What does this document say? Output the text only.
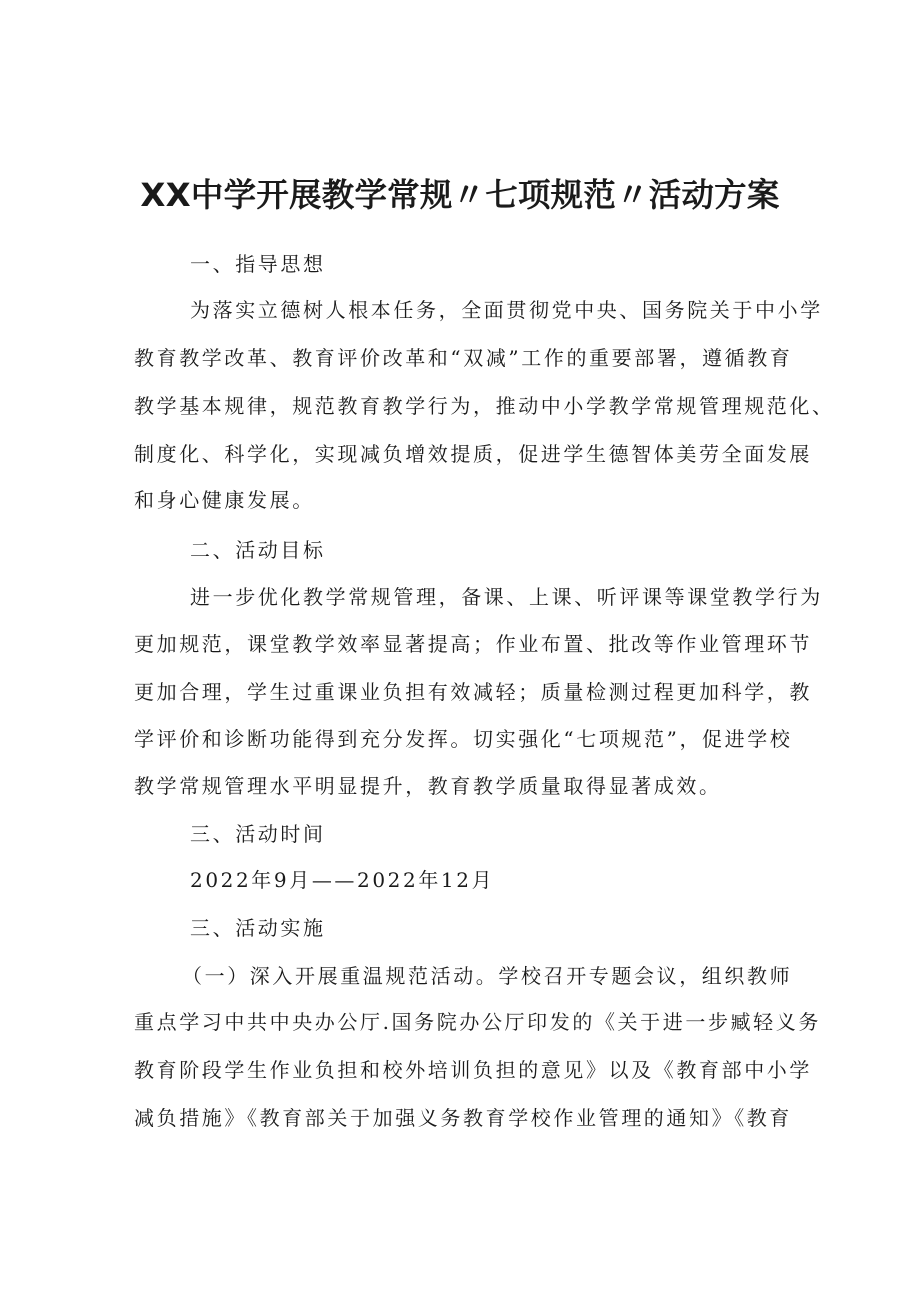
XX中学开展教学常规〃七项规范〃活动方案
一、指导思想
为落实立德树人根本任务，全面贯彻党中央、国务院关于中小学
教育教学改革、教育评价改革和“双减”工作的重要部署，遵循教育
教学基本规律，规范教育教学行为，推动中小学教学常规管理规范化、
制度化、科学化，实现减负增效提质，促进学生德智体美劳全面发展
和身心健康发展。
二、活动目标
进一步优化教学常规管理，备课、上课、听评课等课堂教学行为
更加规范，课堂教学效率显著提高；作业布置、批改等作业管理环节
更加合理，学生过重课业负担有效减轻；质量检测过程更加科学，教
学评价和诊断功能得到充分发挥。切实强化“七项规范”，促进学校
教学常规管理水平明显提升，教育教学质量取得显著成效。
三、活动时间
2022年9月——2022年12月
三、活动实施
（一）深入开展重温规范活动。学校召开专题会议，组织教师
重点学习中共中央办公厅.国务院办公厅印发的《关于进一步臧轻义务
教育阶段学生作业负担和校外培训负担的意见》以及《教育部中小学
减负措施》《教育部关于加强义务教育学校作业管理的通知》《教育
